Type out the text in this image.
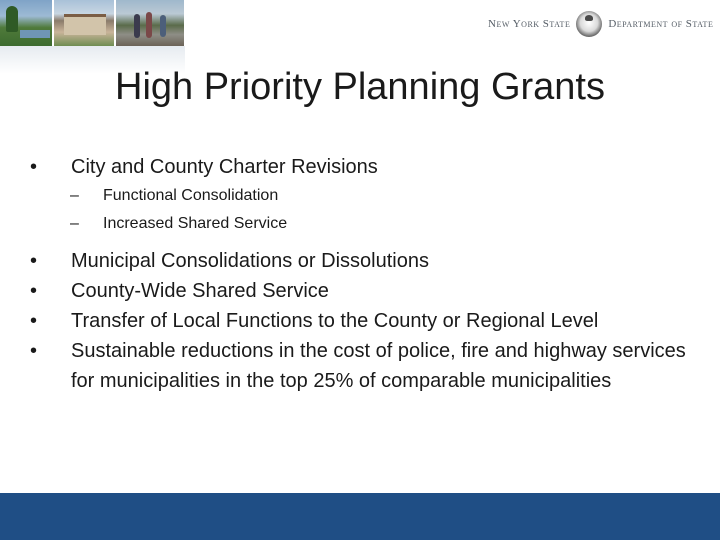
New York State	Department of State
High Priority Planning Grants
•	City and County Charter Revisions
–	Functional Consolidation
–	Increased Shared Service
•	Municipal Consolidations or Dissolutions
•	County-Wide Shared Service
•	Transfer of Local Functions to the County or Regional Level
•	Sustainable reductions in the cost of police, fire and highway services for municipalities in the top 25% of comparable municipalities
